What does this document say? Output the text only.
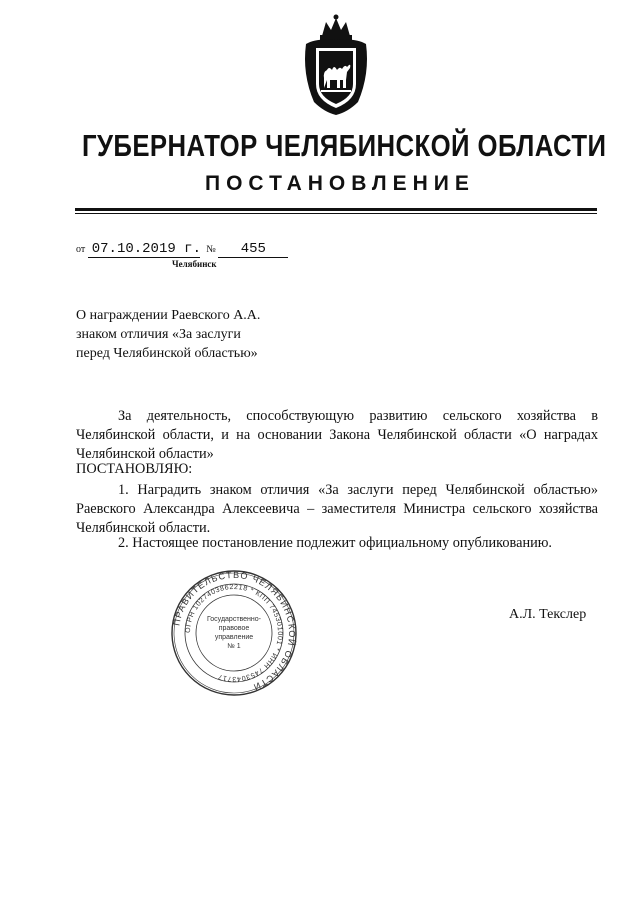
ГУБЕРНАТОР ЧЕЛЯБИНСКОЙ ОБЛАСТИ
ПОСТАНОВЛЕНИЕ
от 07.10.2019 г. № 455
Челябинск
О награждении Раевского А.А.
знаком отличия «За заслуги
перед Челябинской областью»
За деятельность, способствующую развитию сельского хозяйства в Челябинской области, и на основании Закона Челябинской области «О наградах Челябинской области»
ПОСТАНОВЛЯЮ:
1. Наградить знаком отличия «За заслуги перед Челябинской областью» Раевского Александра Алексеевича – заместителя Министра сельского хозяйства Челябинской области.
2. Настоящее постановление подлежит официальному опубликованию.
ПРАВИТЕЛЬСТВО ЧЕЛЯБИНСКОЙ ОБЛАСТИ
ОГРН 1027403862218 * КПП 745301001 * ИНН 7453043717
Государственно-
правовое
управление
№ 1
А.Л. Текслер
